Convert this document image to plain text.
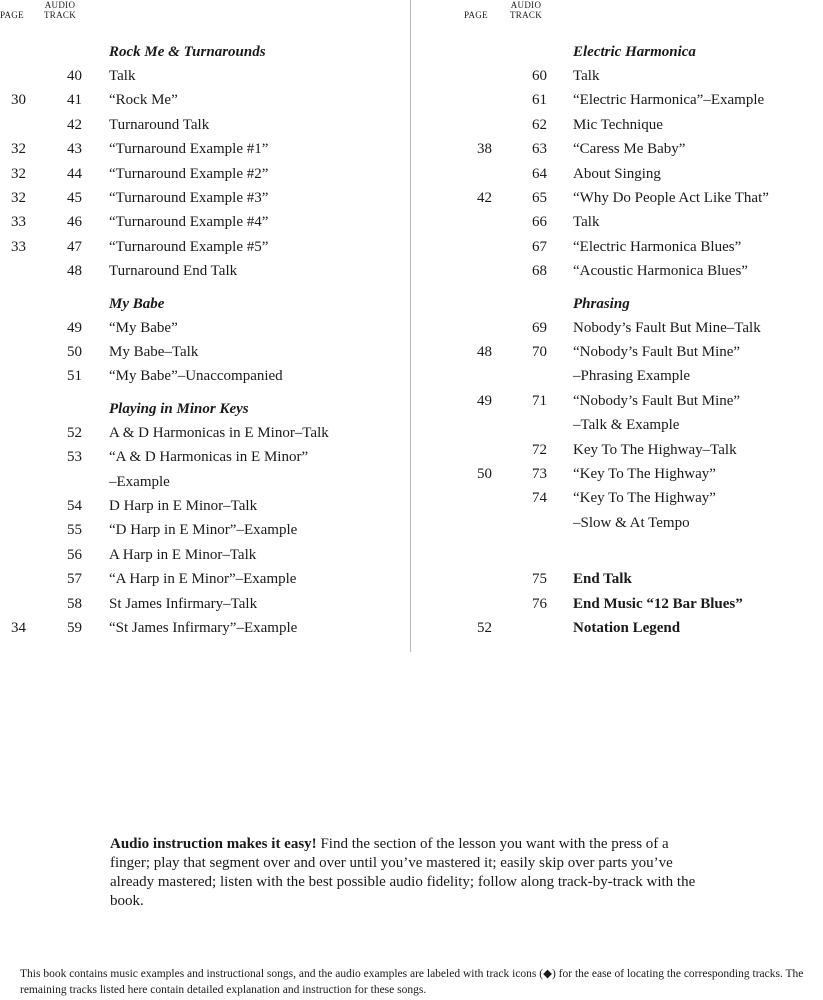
PAGE
AUDIO
TRACK
Rock Me & Turnarounds
40 Talk
30	41 “Rock Me”
42 Turnaround Talk
32	43 “Turnaround Example #1”
32	44 “Turnaround Example #2”
32	45 “Turnaround Example #3”
33	46 “Turnaround Example #4”
33	47 “Turnaround Example #5”
48 Turnaround End Talk
My Babe
49 “My Babe”
50 My Babe–Talk
51 “My Babe”–Unaccompanied
Playing in Minor Keys
52 A & D Harmonicas in E Minor–Talk
53 “A & D Harmonicas in E Minor”
–Example
54 D Harp in E Minor–Talk
55 “D Harp in E Minor”–Example
56 A Harp in E Minor–Talk
57 “A Harp in E Minor”–Example
58 St James Infirmary–Talk
34	59 “St James Infirmary”–Example
PAGE
AUDIO
TRACK
Electric Harmonica
60 Talk
61 “Electric Harmonica”–Example
62 Mic Technique
38	63 “Caress Me Baby”
64 About Singing
42	65 “Why Do People Act Like That”
66 Talk
67 “Electric Harmonica Blues”
68 “Acoustic Harmonica Blues”
Phrasing
69 Nobody’s Fault But Mine–Talk
48	70 “Nobody’s Fault But Mine”
–Phrasing Example
49	71 “Nobody’s Fault But Mine”
–Talk & Example
72 Key To The Highway–Talk
50	73 “Key To The Highway”
74 “Key To The Highway”
–Slow & At Tempo
75 End Talk
76 End Music “12 Bar Blues”
52	Notation Legend
Audio instruction makes it easy! Find the section of the lesson you want with the press of a finger; play that segment over and over until you’ve mastered it; easily skip over parts you’ve already mastered; listen with the best possible audio fidelity; follow along track-by-track with the book.
This book contains music examples and instructional songs, and the audio examples are labeled with track icons (◆) for the ease of locating the corresponding tracks. The remaining tracks listed here contain detailed explanation and instruction for these songs.
